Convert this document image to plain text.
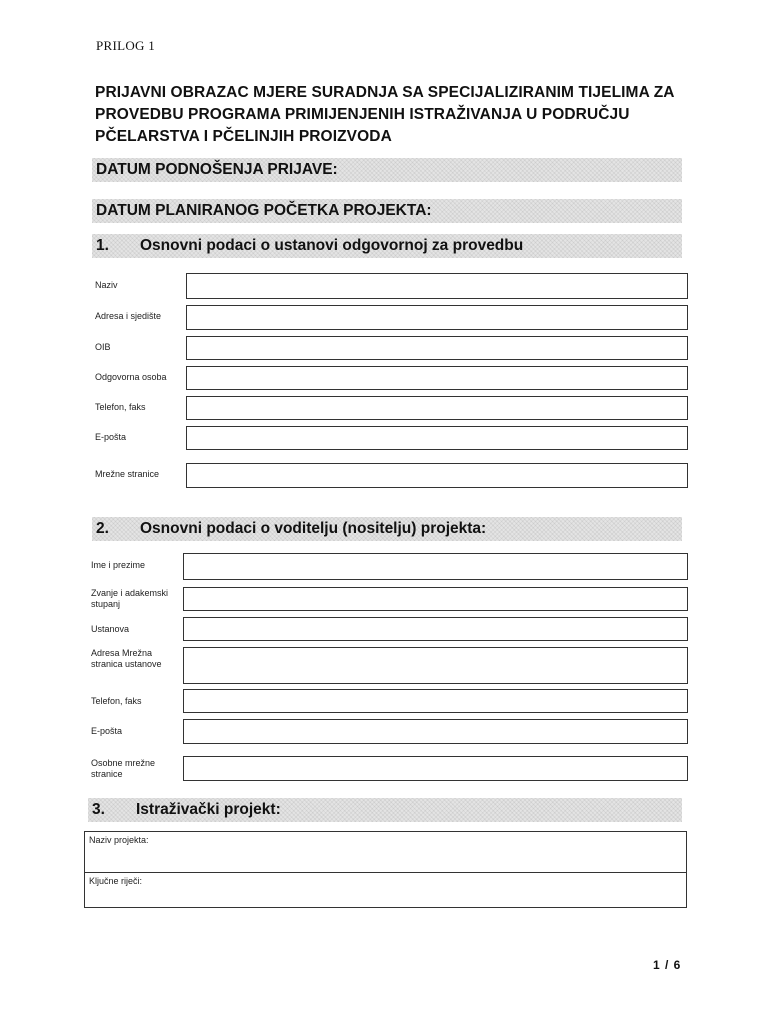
PRILOG 1
PRIJAVNI OBRAZAC MJERE SURADNJA SA SPECIJALIZIRANIM TIJELIMA ZA
PROVEDBU PROGRAMA PRIMIJENJENIH ISTRAŽIVANJA U PODRUČJU
PČELARSTVA I PČELINJIH PROIZVODA
DATUM PODNOŠENJA PRIJAVE:
DATUM PLANIRANOG POČETKA PROJEKTA:
1. Osnovni podaci o ustanovi odgovornoj za provedbu
Naziv
Adresa i sjedište
OIB
Odgovorna osoba
Telefon, faks
E-pošta
Mrežne stranice
2. Osnovni podaci o voditelju (nositelju) projekta:
Ime i prezime
Zvanje i adakemski stupanj
Ustanova
Adresa Mrežna stranica ustanove
Telefon, faks
E-pošta
Osobne mrežne stranice
3. Istraživački projekt:
Naziv projekta:
Ključne riječi:
1 / 6
